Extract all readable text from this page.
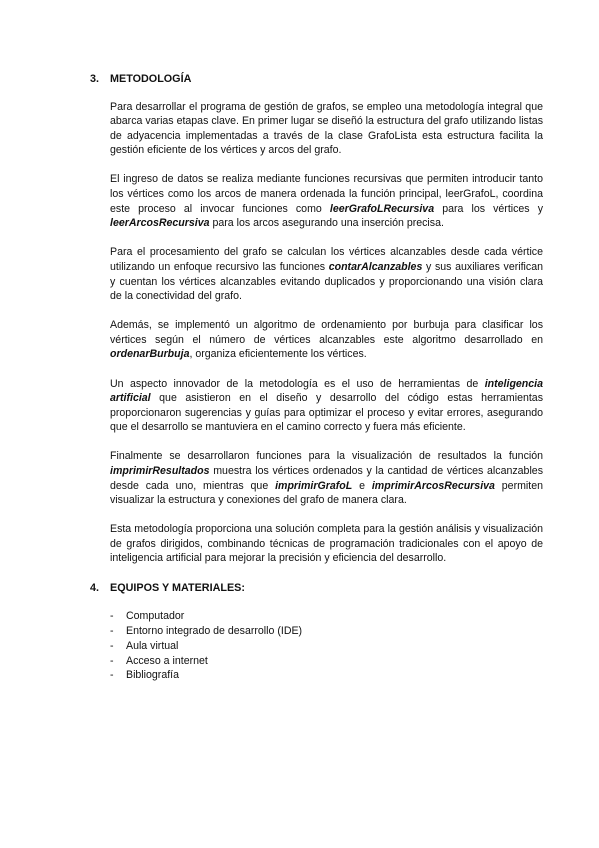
3.	METODOLOGÍA

Para desarrollar el programa de gestión de grafos, se empleo una metodología integral que abarca varias etapas clave. En primer lugar se diseñó la estructura del grafo utilizando listas de adyacencia implementadas a través de la clase GrafoLista esta estructura facilita la gestión eficiente de los vértices y arcos del grafo.

El ingreso de datos se realiza mediante funciones recursivas que permiten introducir tanto los vértices como los arcos de manera ordenada la función principal, leerGrafoL, coordina este proceso al invocar funciones como leerGrafoLRecursiva para los vértices y leerArcosRecursiva para los arcos asegurando una inserción precisa.

Para el procesamiento del grafo se calculan los vértices alcanzables desde cada vértice utilizando un enfoque recursivo las funciones contarAlcanzables y sus auxiliares verifican y cuentan los vértices alcanzables evitando duplicados y proporcionando una visión clara de la conectividad del grafo.

Además, se implementó un algoritmo de ordenamiento por burbuja para clasificar los vértices según el número de vértices alcanzables este algoritmo desarrollado en ordenarBurbuja, organiza eficientemente los vértices.

Un aspecto innovador de la metodología es el uso de herramientas de inteligencia artificial que asistieron en el diseño y desarrollo del código estas herramientas proporcionaron sugerencias y guías para optimizar el proceso y evitar errores, asegurando que el desarrollo se mantuviera en el camino correcto y fuera más eficiente.

Finalmente se desarrollaron funciones para la visualización de resultados la función imprimirResultados muestra los vértices ordenados y la cantidad de vértices alcanzables desde cada uno, mientras que imprimirGrafoL e imprimirArcosRecursiva permiten visualizar la estructura y conexiones del grafo de manera clara.

Esta metodología proporciona una solución completa para la gestión análisis y visualización de grafos dirigidos, combinando técnicas de programación tradicionales con el apoyo de inteligencia artificial para mejorar la precisión y eficiencia del desarrollo.

4.	EQUIPOS Y MATERIALES:
-	Computador
-	Entorno integrado de desarrollo (IDE)
-	Aula virtual
-	Acceso a internet
-	Bibliografía
